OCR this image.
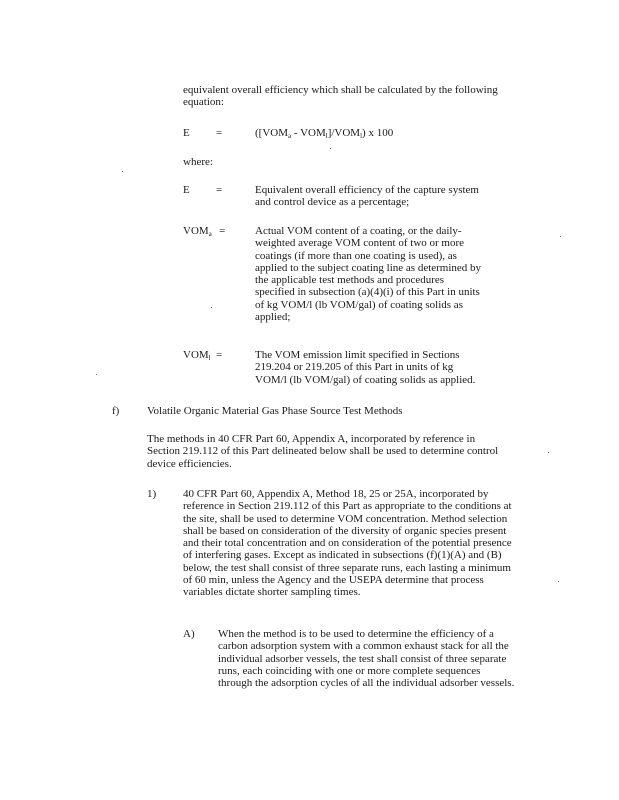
equivalent overall efficiency which shall be calculated by the following
equation:
E =	$([VOM_a - VOM_l]/VOM_l)$ x 100
where:
E =	Equivalent overall efficiency of the capture system
and control device as a percentage;
$VOM_a$ =	Actual VOM content of a coating, or the daily-
weighted average VOM content of two or more
coatings (if more than one coating is used), as
applied to the subject coating line as determined by
the applicable test methods and procedures
specified in subsection (a)(4)(i) of this Part in units
of kg VOM/l (lb VOM/gal) of coating solids as
applied;
$VOM_l$ =	The VOM emission limit specified in Sections
219.204 or 219.205 of this Part in units of kg
VOM/l (lb VOM/gal) of coating solids as applied.
f)	Volatile Organic Material Gas Phase Source Test Methods
The methods in 40 CFR Part 60, Appendix A, incorporated by reference in
Section 219.112 of this Part delineated below shall be used to determine control
device efficiencies.
1) 40 CFR Part 60, Appendix A, Method 18, 25 or 25A, incorporated by
reference in Section 219.112 of this Part as appropriate to the conditions at
the site, shall be used to determine VOM concentration. Method selection
shall be based on consideration of the diversity of organic species present
and their total concentration and on consideration of the potential presence
of interfering gases. Except as indicated in subsections (f)(1)(A) and (B)
below, the test shall consist of three separate runs, each lasting a minimum
of 60 min, unless the Agency and the USEPA determine that process
variables dictate shorter sampling times.
A) When the method is to be used to determine the efficiency of a
carbon adsorption system with a common exhaust stack for all the
individual adsorber vessels, the test shall consist of three separate
runs, each coinciding with one or more complete sequences
through the adsorption cycles of all the individual adsorber vessels.
